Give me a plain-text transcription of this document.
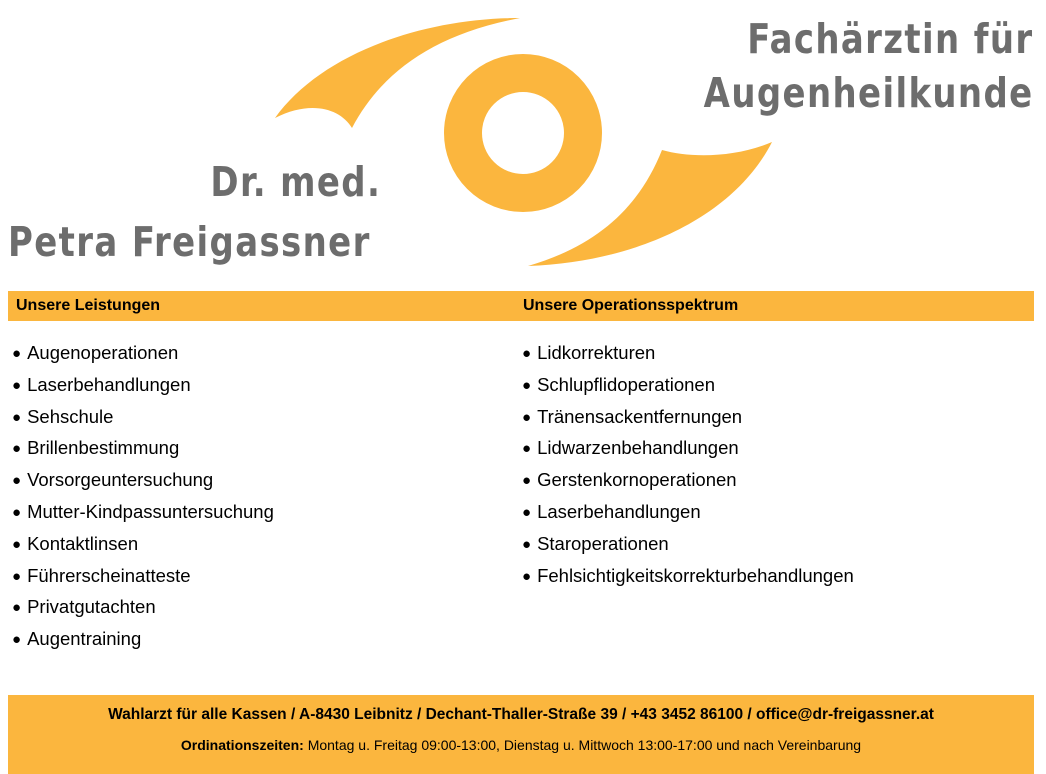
Fachärztin für
Augenheilkunde
Dr. med.
Petra Freigassner
Unsere Leistungen	Unsere Operationsspektrum
● Augenoperationen
● Laserbehandlungen
● Sehschule
● Brillenbestimmung
● Vorsorgeuntersuchung
● Mutter-Kindpassuntersuchung
● Kontaktlinsen
● Führerscheinatteste
● Privatgutachten
● Augentraining
● Lidkorrekturen
● Schlupflidoperationen
● Tränensackentfernungen
● Lidwarzenbehandlungen
● Gerstenkornoperationen
● Laserbehandlungen
● Staroperationen
● Fehlsichtigkeitskorrekturbehandlungen
Wahlarzt für alle Kassen / A-8430 Leibnitz / Dechant-Thaller-Straße 39 / +43 3452 86100 / office@dr-freigassner.at
Ordinationszeiten: Montag u. Freitag 09:00-13:00, Dienstag u. Mittwoch 13:00-17:00 und nach Vereinbarung
